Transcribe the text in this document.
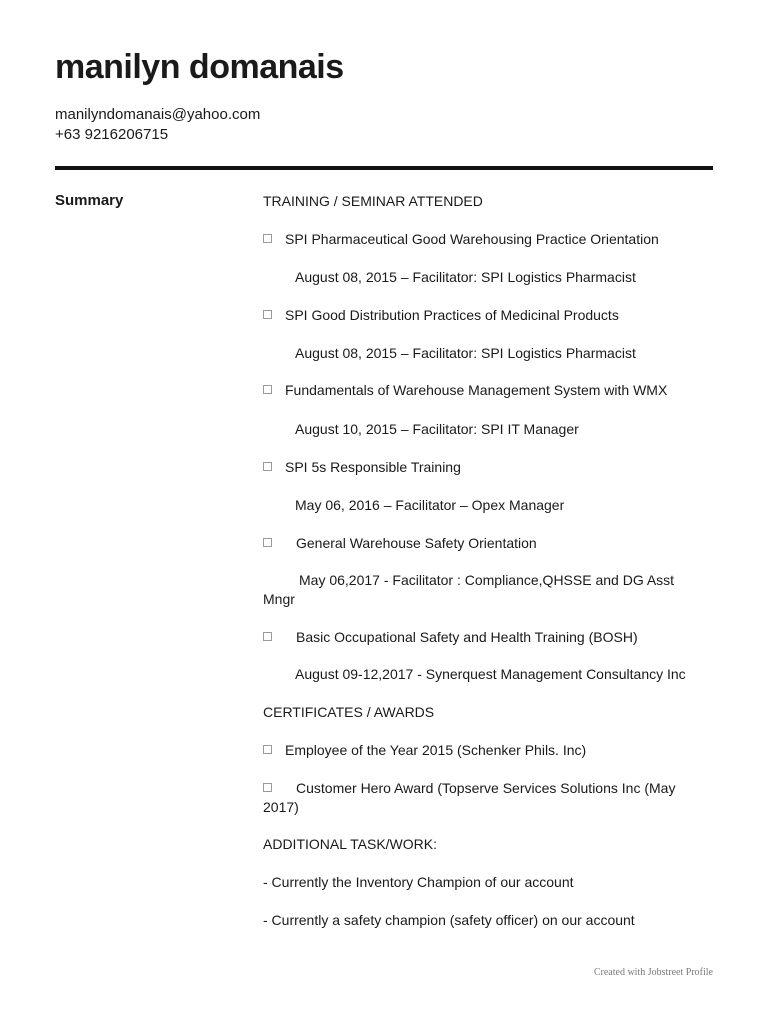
manilyn domanais
manilyndomanais@yahoo.com
+63 9216206715
Summary	TRAINING / SEMINAR ATTENDED
SPI Pharmaceutical Good Warehousing Practice Orientation
August 08, 2015 – Facilitator: SPI Logistics Pharmacist
SPI Good Distribution Practices of Medicinal Products
August 08, 2015 – Facilitator: SPI Logistics Pharmacist
Fundamentals of Warehouse Management System with WMX
August 10, 2015 – Facilitator: SPI IT Manager
SPI 5s Responsible Training
May 06, 2016 – Facilitator – Opex Manager
General Warehouse Safety Orientation
May 06,2017 - Facilitator : Compliance,QHSSE and DG Asst Mngr
Basic Occupational Safety and Health Training (BOSH)
August 09-12,2017 - Synerquest Management Consultancy Inc
CERTIFICATES / AWARDS
Employee of the Year 2015 (Schenker Phils. Inc)
Customer Hero Award (Topserve Services Solutions Inc (May 2017)
ADDITIONAL TASK/WORK:
- Currently the Inventory Champion of our account
- Currently a safety champion (safety officer) on our account
Created with Jobstreet Profile
